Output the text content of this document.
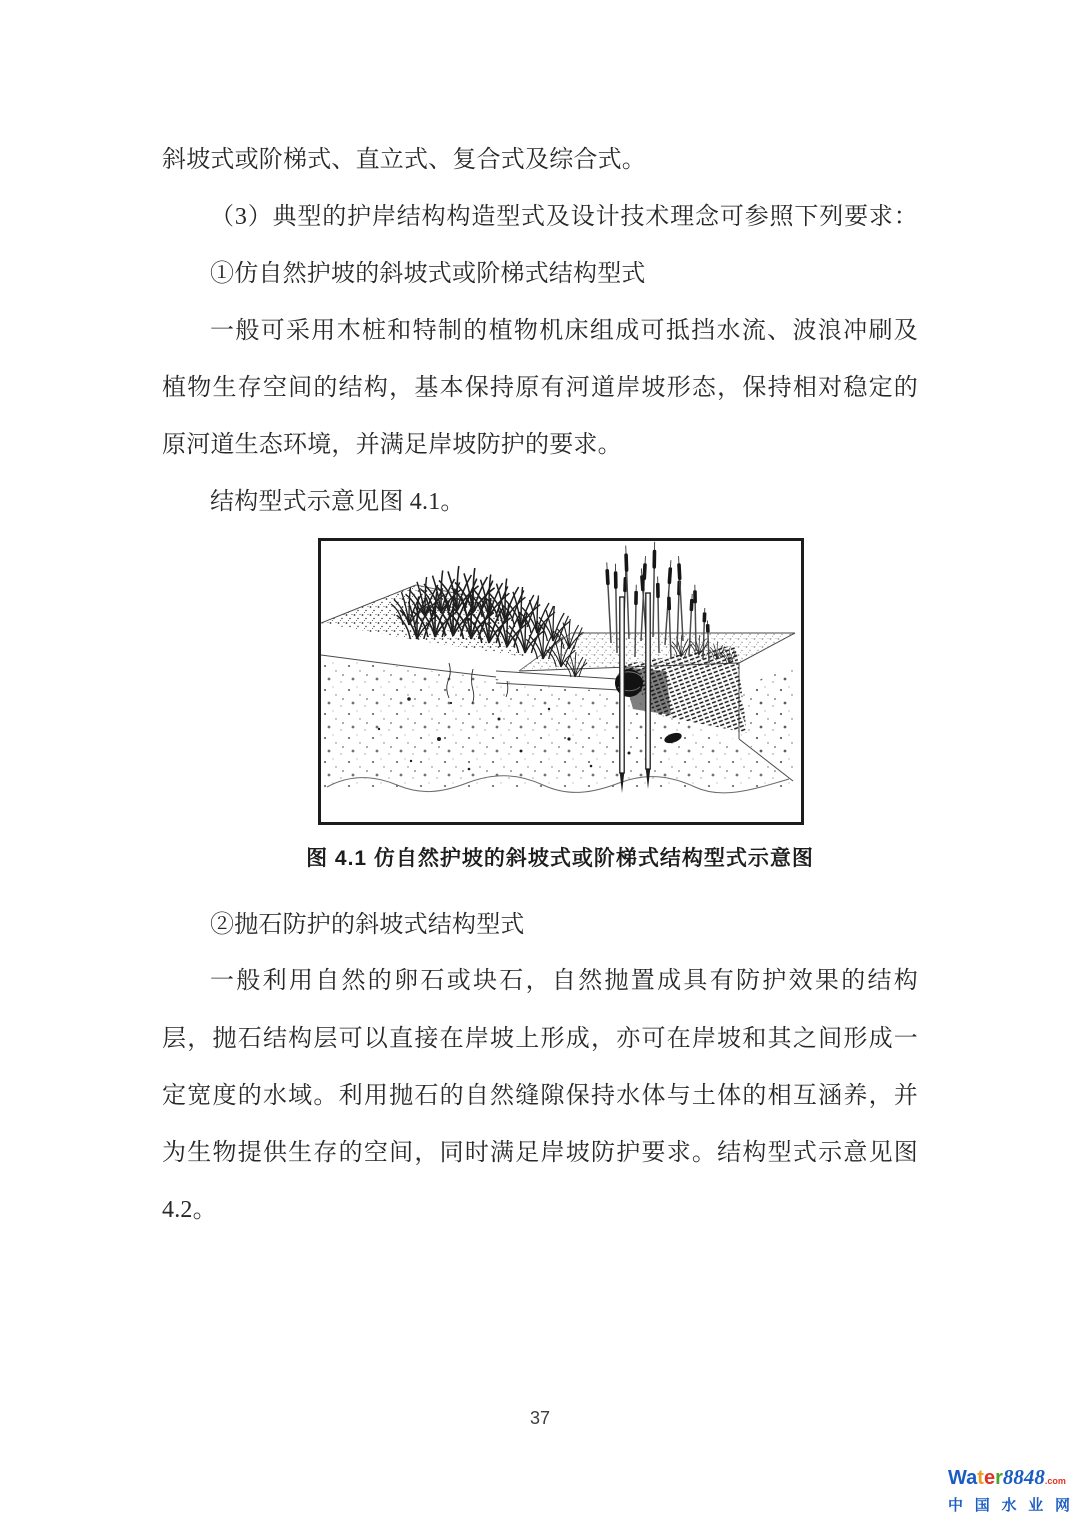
斜坡式或阶梯式、直立式、复合式及综合式。
（3）典型的护岸结构构造型式及设计技术理念可参照下列要求：
①仿自然护坡的斜坡式或阶梯式结构型式
一般可采用木桩和特制的植物机床组成可抵挡水流、波浪冲刷及
植物生存空间的结构，基本保持原有河道岸坡形态，保持相对稳定的
原河道生态环境，并满足岸坡防护的要求。
结构型式示意见图 4.1。
②抛石防护的斜坡式结构型式
一般利用自然的卵石或块石，自然抛置成具有防护效果的结构
层，抛石结构层可以直接在岸坡上形成，亦可在岸坡和其之间形成一
定宽度的水域。利用抛石的自然缝隙保持水体与土体的相互涵养，并
为生物提供生存的空间，同时满足岸坡防护要求。结构型式示意见图
4.2。
图 4.1 仿自然护坡的斜坡式或阶梯式结构型式示意图
37
Water8848.com
中 国 水 业 网
